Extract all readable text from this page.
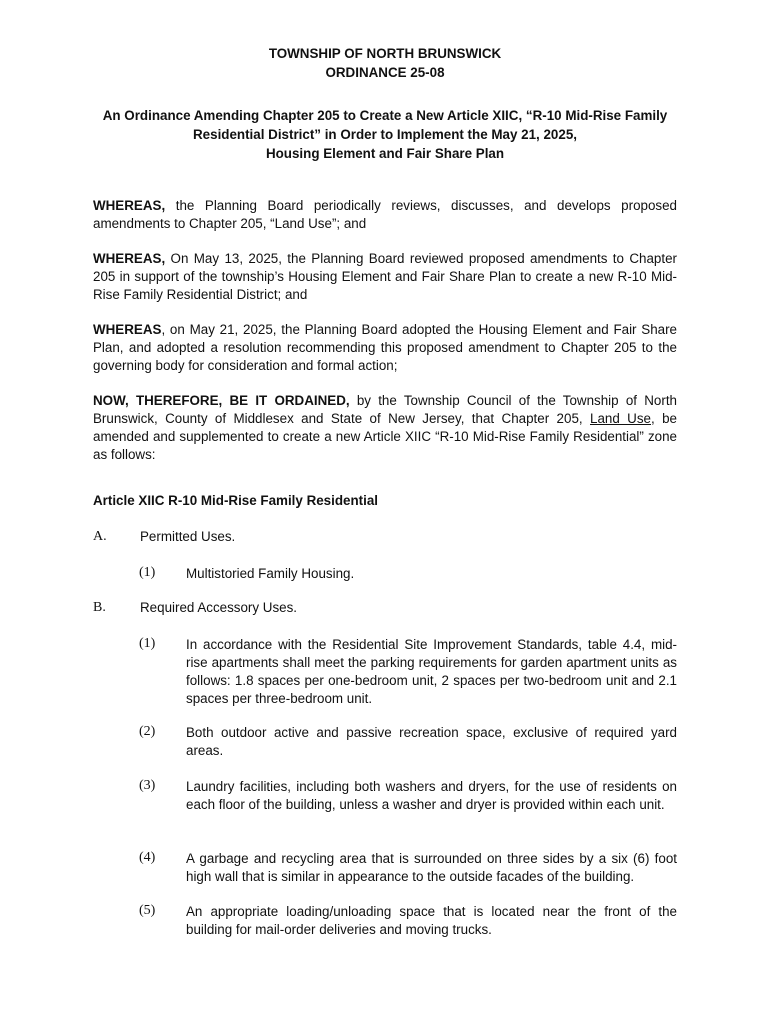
TOWNSHIP OF NORTH BRUNSWICK
ORDINANCE 25-08
An Ordinance Amending Chapter 205 to Create a New Article XIIC, “R-10 Mid-Rise Family
Residential District” in Order to Implement the May 21, 2025,
Housing Element and Fair Share Plan
WHEREAS, the Planning Board periodically reviews, discusses, and develops proposed amendments to Chapter 205, “Land Use”; and
WHEREAS, On May 13, 2025, the Planning Board reviewed proposed amendments to Chapter 205 in support of the township’s Housing Element and Fair Share Plan to create a new R-10 Mid-Rise Family Residential District; and
WHEREAS, on May 21, 2025, the Planning Board adopted the Housing Element and Fair Share Plan, and adopted a resolution recommending this proposed amendment to Chapter 205 to the governing body for consideration and formal action;
NOW, THEREFORE, BE IT ORDAINED, by the Township Council of the Township of North Brunswick, County of Middlesex and State of New Jersey, that Chapter 205, Land Use, be amended and supplemented to create a new Article XIIC “R-10 Mid-Rise Family Residential” zone as follows:
Article XIIC R-10 Mid-Rise Family Residential
A. Permitted Uses.
(1) Multistoried Family Housing.
B.	Required Accessory Uses.
(1) In accordance with the Residential Site Improvement Standards, table 4.4, mid-rise apartments shall meet the parking requirements for garden apartment units as follows: 1.8 spaces per one-bedroom unit, 2 spaces per two-bedroom unit and 2.1 spaces per three-bedroom unit.
(2) Both outdoor active and passive recreation space, exclusive of required yard areas.
(3) Laundry facilities, including both washers and dryers, for the use of residents on each floor of the building, unless a washer and dryer is provided within each unit.
(4) A garbage and recycling area that is surrounded on three sides by a six (6) foot high wall that is similar in appearance to the outside facades of the building.
(5) An appropriate loading/unloading space that is located near the front of the building for mail-order deliveries and moving trucks.
